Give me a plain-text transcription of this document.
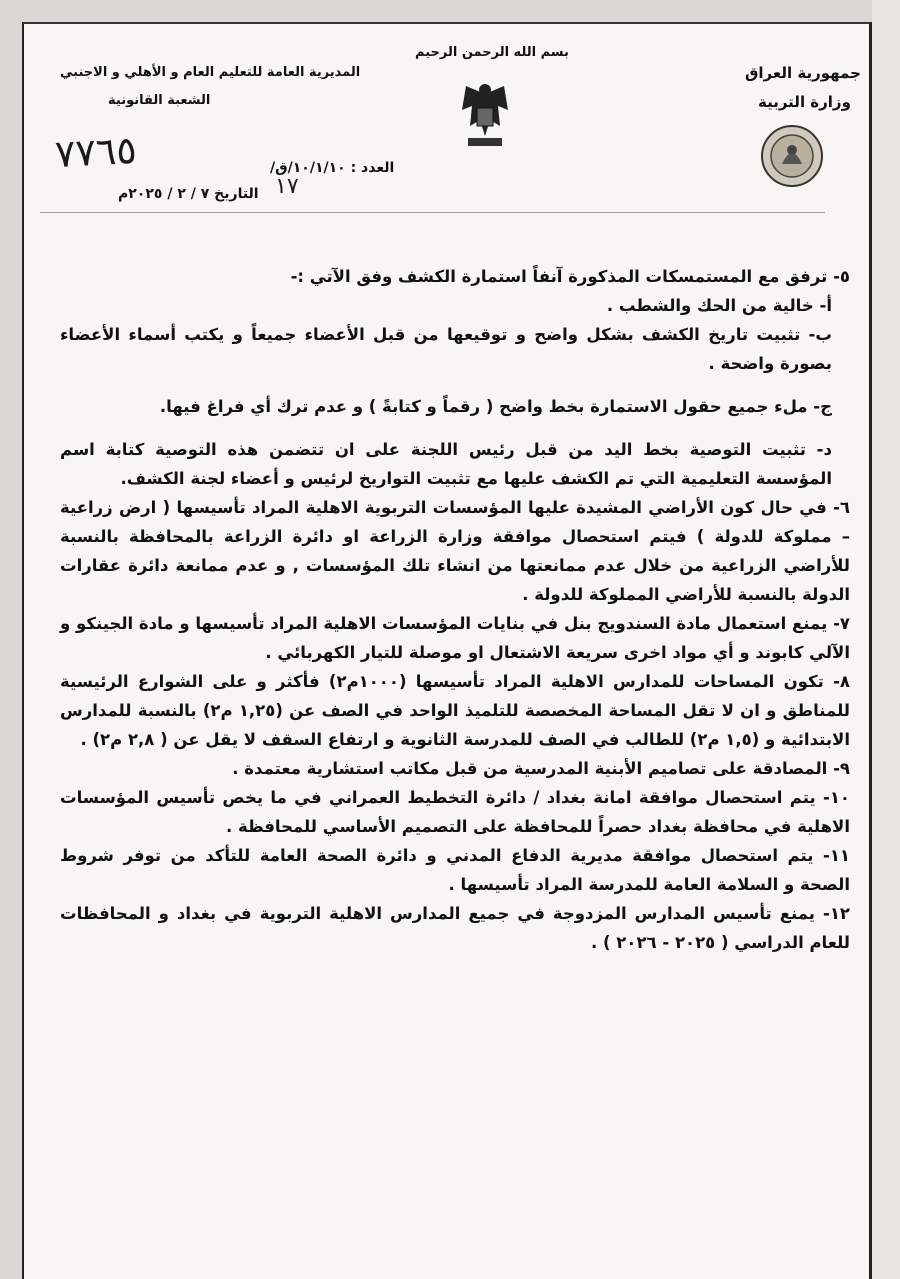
بسم الله الرحمن الرحيم
جمهورية العراق
وزارة التربية
المديرية العامة للتعليم العام و الأهلي و الاجنبي
الشعبة القانونية
العدد : ١٠/١/١٠/ق/
التاريخ ٧ / ٢ / ٢٠٢٥م
٧٧٦٥
١٧

٥- ترفق مع المستمسكات المذكورة آنفاً استمارة الكشف وفق الآتي :-

أ- خالية من الحك والشطب .

ب- تثبيت تاريخ الكشف بشكل واضح و توقيعها من قبل الأعضاء جميعاً و يكتب أسماء الأعضاء بصورة واضحة .

ج- ملء جميع حقول الاستمارة بخط واضح ( رقماً و كتابةً ) و عدم ترك أي فراغ فيها.

د- تثبيت التوصية بخط اليد من قبل رئيس اللجنة على ان تتضمن هذه التوصية كتابة اسم المؤسسة التعليمية التي تم الكشف عليها مع تثبيت التواريخ لرئيس و أعضاء لجنة الكشف.

٦- في حال كون الأراضي المشيدة عليها المؤسسات التربوية الاهلية المراد تأسيسها ( ارض زراعية – مملوكة للدولة ) فيتم استحصال موافقة وزارة الزراعة او دائرة الزراعة بالمحافظة بالنسبة للأراضي الزراعية من خلال عدم ممانعتها من انشاء تلك المؤسسات , و عدم ممانعة دائرة عقارات الدولة بالنسبة للأراضي المملوكة للدولة .

٧- يمنع استعمال مادة السندويج بنل في بنايات المؤسسات الاهلية المراد تأسيسها و مادة الجينكو و الآلي كابوند و أي مواد اخرى سريعة الاشتعال او موصلة للتيار الكهربائي .

٨- تكون المساحات للمدارس الاهلية المراد تأسيسها (١٠٠٠م٢) فأكثر و على الشوارع الرئيسية للمناطق و ان لا تقل المساحة المخصصة للتلميذ الواحد في الصف عن (١,٢٥ م٢) بالنسبة للمدارس الابتدائية و (١,٥ م٢) للطالب في الصف للمدرسة الثانوية و ارتفاع السقف لا يقل عن ( ٢,٨ م٢) .

٩- المصادقة على تصاميم الأبنية المدرسية من قبل مكاتب استشارية معتمدة .

١٠- يتم استحصال موافقة امانة بغداد / دائرة التخطيط العمراني في ما يخص تأسيس المؤسسات الاهلية في محافظة بغداد حصراً للمحافظة على التصميم الأساسي للمحافظة .

١١- يتم استحصال موافقة مديرية الدفاع المدني و دائرة الصحة العامة للتأكد من توفر شروط الصحة و السلامة العامة للمدرسة المراد تأسيسها .

١٢- يمنع تأسيس المدارس المزدوجة في جميع المدارس الاهلية التربوية في بغداد و المحافظات للعام الدراسي ( ٢٠٢٥ - ٢٠٢٦ ) .
